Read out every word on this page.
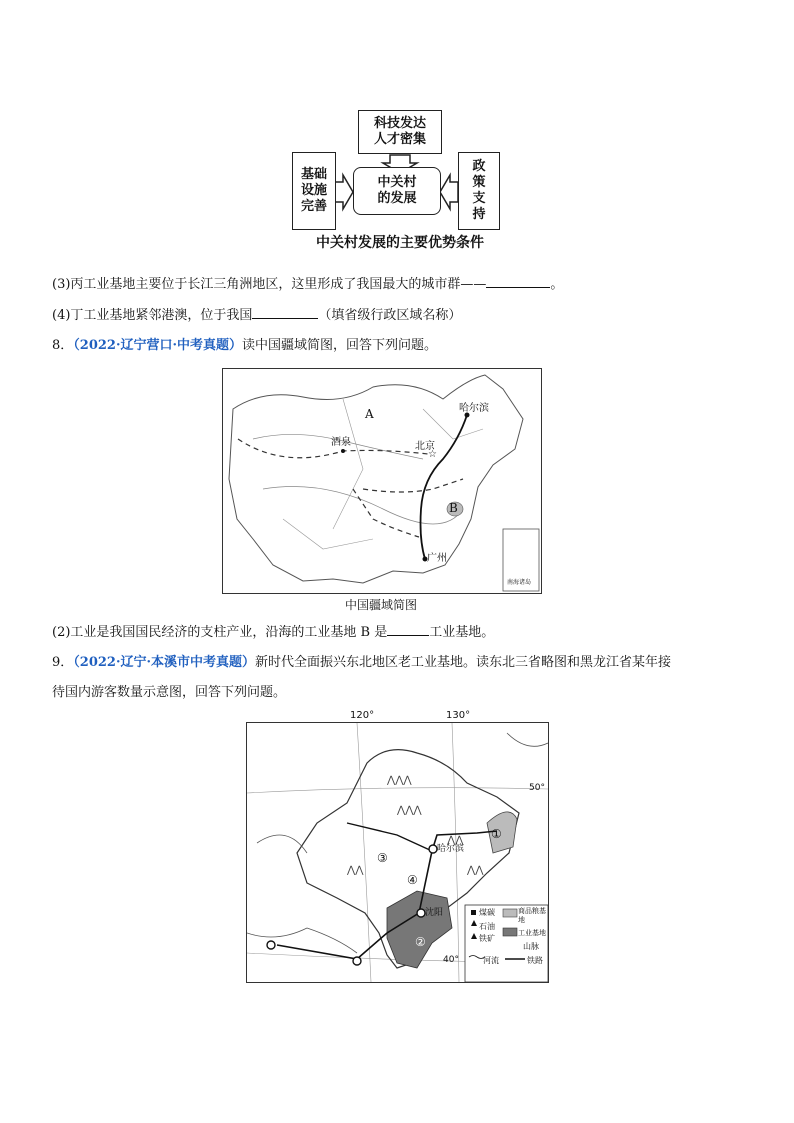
科技发达
人才密集
基础
设施
完善
中关村
的发展
政
策
支
持
中关村发展的主要优势条件
(3)丙工业基地主要位于长江三角洲地区，这里形成了我国最大的城市群——	。
(4)丁工业基地紧邻港澳，位于我国	（填省级行政区域名称）
8．（2022·辽宁营口·中考真题）读中国疆域简图，回答下列问题。
☆
A	哈尔滨
北京
酒泉
B
广州
南海诸岛
中国疆域简图
(2)工业是我国国民经济的支柱产业，沿海的工业基地 B 是	工业基地。
9．（2022·辽宁·本溪市中考真题）新时代全面振兴东北地区老工业基地。读东北三省略图和黑龙江省某年接
待国内游客数量示意图，回答下列问题。
120°	130°
⋀⋀⋀
⋀⋀⋀
⋀⋀
⋀⋀
⋀⋀
50°
40°
哈尔滨
沈阳
①
②
③
④
煤碳
石油
铁矿
河流
商品粮基地
工业基地
山脉
铁路
